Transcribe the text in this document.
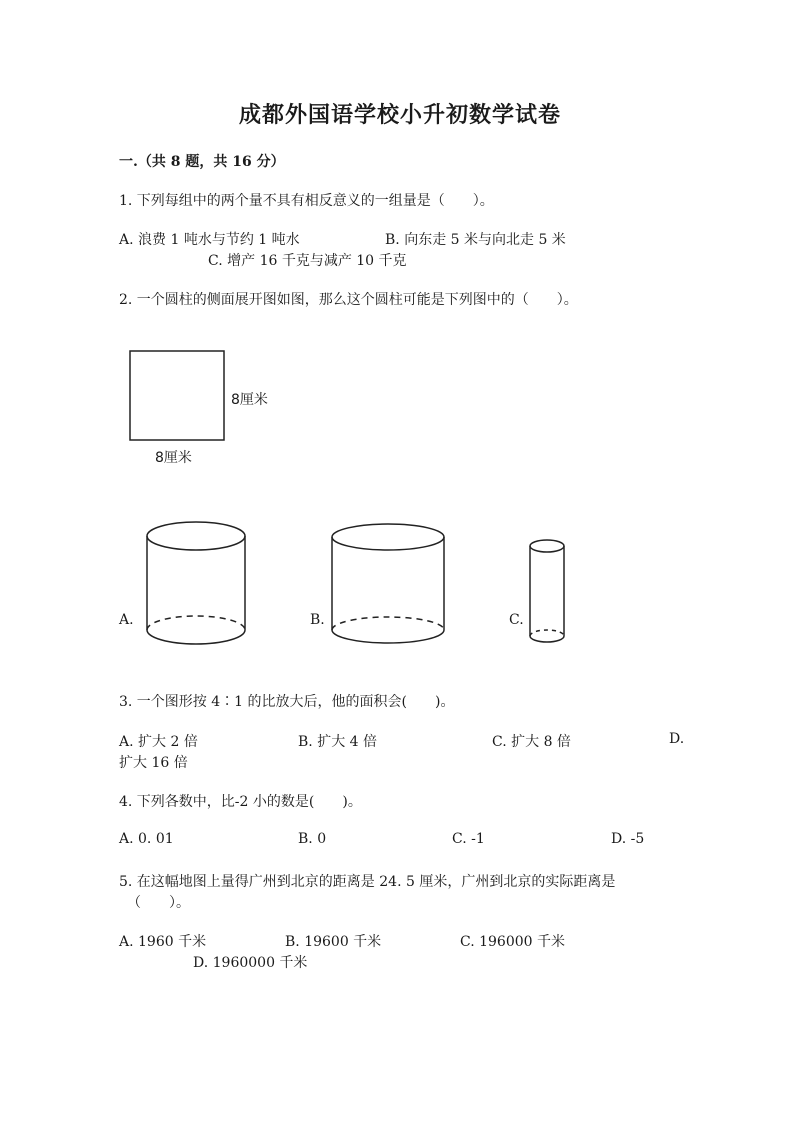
成都外国语学校小升初数学试卷
一.（共 8 题，共 16 分）
1. 下列每组中的两个量不具有相反意义的一组量是（　　）。
A. 浪费 1 吨水与节约 1 吨水	B. 向东走 5 米与向北走 5 米
C. 增产 16 千克与减产 10 千克
2. 一个圆柱的侧面展开图如图，那么这个圆柱可能是下列图中的（　　）。
8厘米
8厘米
A.	B.	C.
3. 一个图形按 4∶1 的比放大后，他的面积会(　　)。
A. 扩大 2 倍	B. 扩大 4 倍	C. 扩大 8 倍	D.
扩大 16 倍
4. 下列各数中，比-2 小的数是(　　)。
A. 0. 01	B. 0	C. -1	D. -5
5. 在这幅地图上量得广州到北京的距离是 24. 5 厘米，广州到北京的实际距离是
（　　）。
A. 1960 千米	B. 19600 千米	C. 196000 千米
D. 1960000 千米
